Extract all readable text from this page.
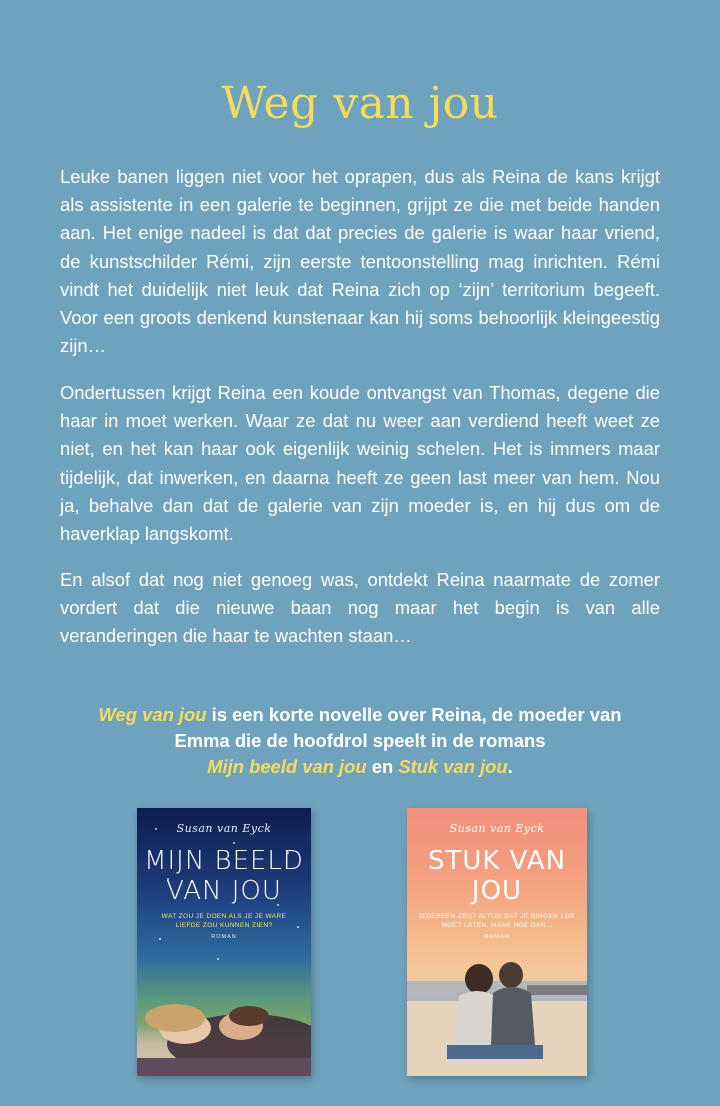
Weg van jou

Leuke banen liggen niet voor het oprapen, dus als Reina de kans krijgt als assistente in een galerie te beginnen, grijpt ze die met beide handen aan. Het enige nadeel is dat dat precies de galerie is waar haar vriend, de kunstschilder Rémi, zijn eerste tentoonstelling mag inrichten. Rémi vindt het duidelijk niet leuk dat Reina zich op ‘zijn’ territorium begeeft. Voor een groots denkend kunstenaar kan hij soms behoorlijk kleingeestig zijn…

Ondertussen krijgt Reina een koude ontvangst van Thomas, degene die haar in moet werken. Waar ze dat nu weer aan verdiend heeft weet ze niet, en het kan haar ook eigenlijk weinig schelen. Het is immers maar tijdelijk, dat inwerken, en daarna heeft ze geen last meer van hem. Nou ja, behalve dan dat de galerie van zijn moeder is, en hij dus om de haverklap langskomt.

En alsof dat nog niet genoeg was, ontdekt Reina naarmate de zomer vordert dat die nieuwe baan nog maar het begin is van alle veranderingen die haar te wachten staan…

Weg van jou is een korte novelle over Reina, de moeder van
Emma die de hoofdrol speelt in de romans
Mijn beeld van jou en Stuk van jou.
Susan van Eyck
MIJN BEELD
VAN JOU
WAT ZOU JE DOEN ALS JE JE WARE LIEFDE ZOU KUNNEN ZIEN?
ROMAN
Susan van Eyck
STUK VAN
JOU
IEDEREEN ZEGT ALTIJD DAT JE DINGEN LOS MOET LATEN, MAAR HOE DAN...
ROMAN
